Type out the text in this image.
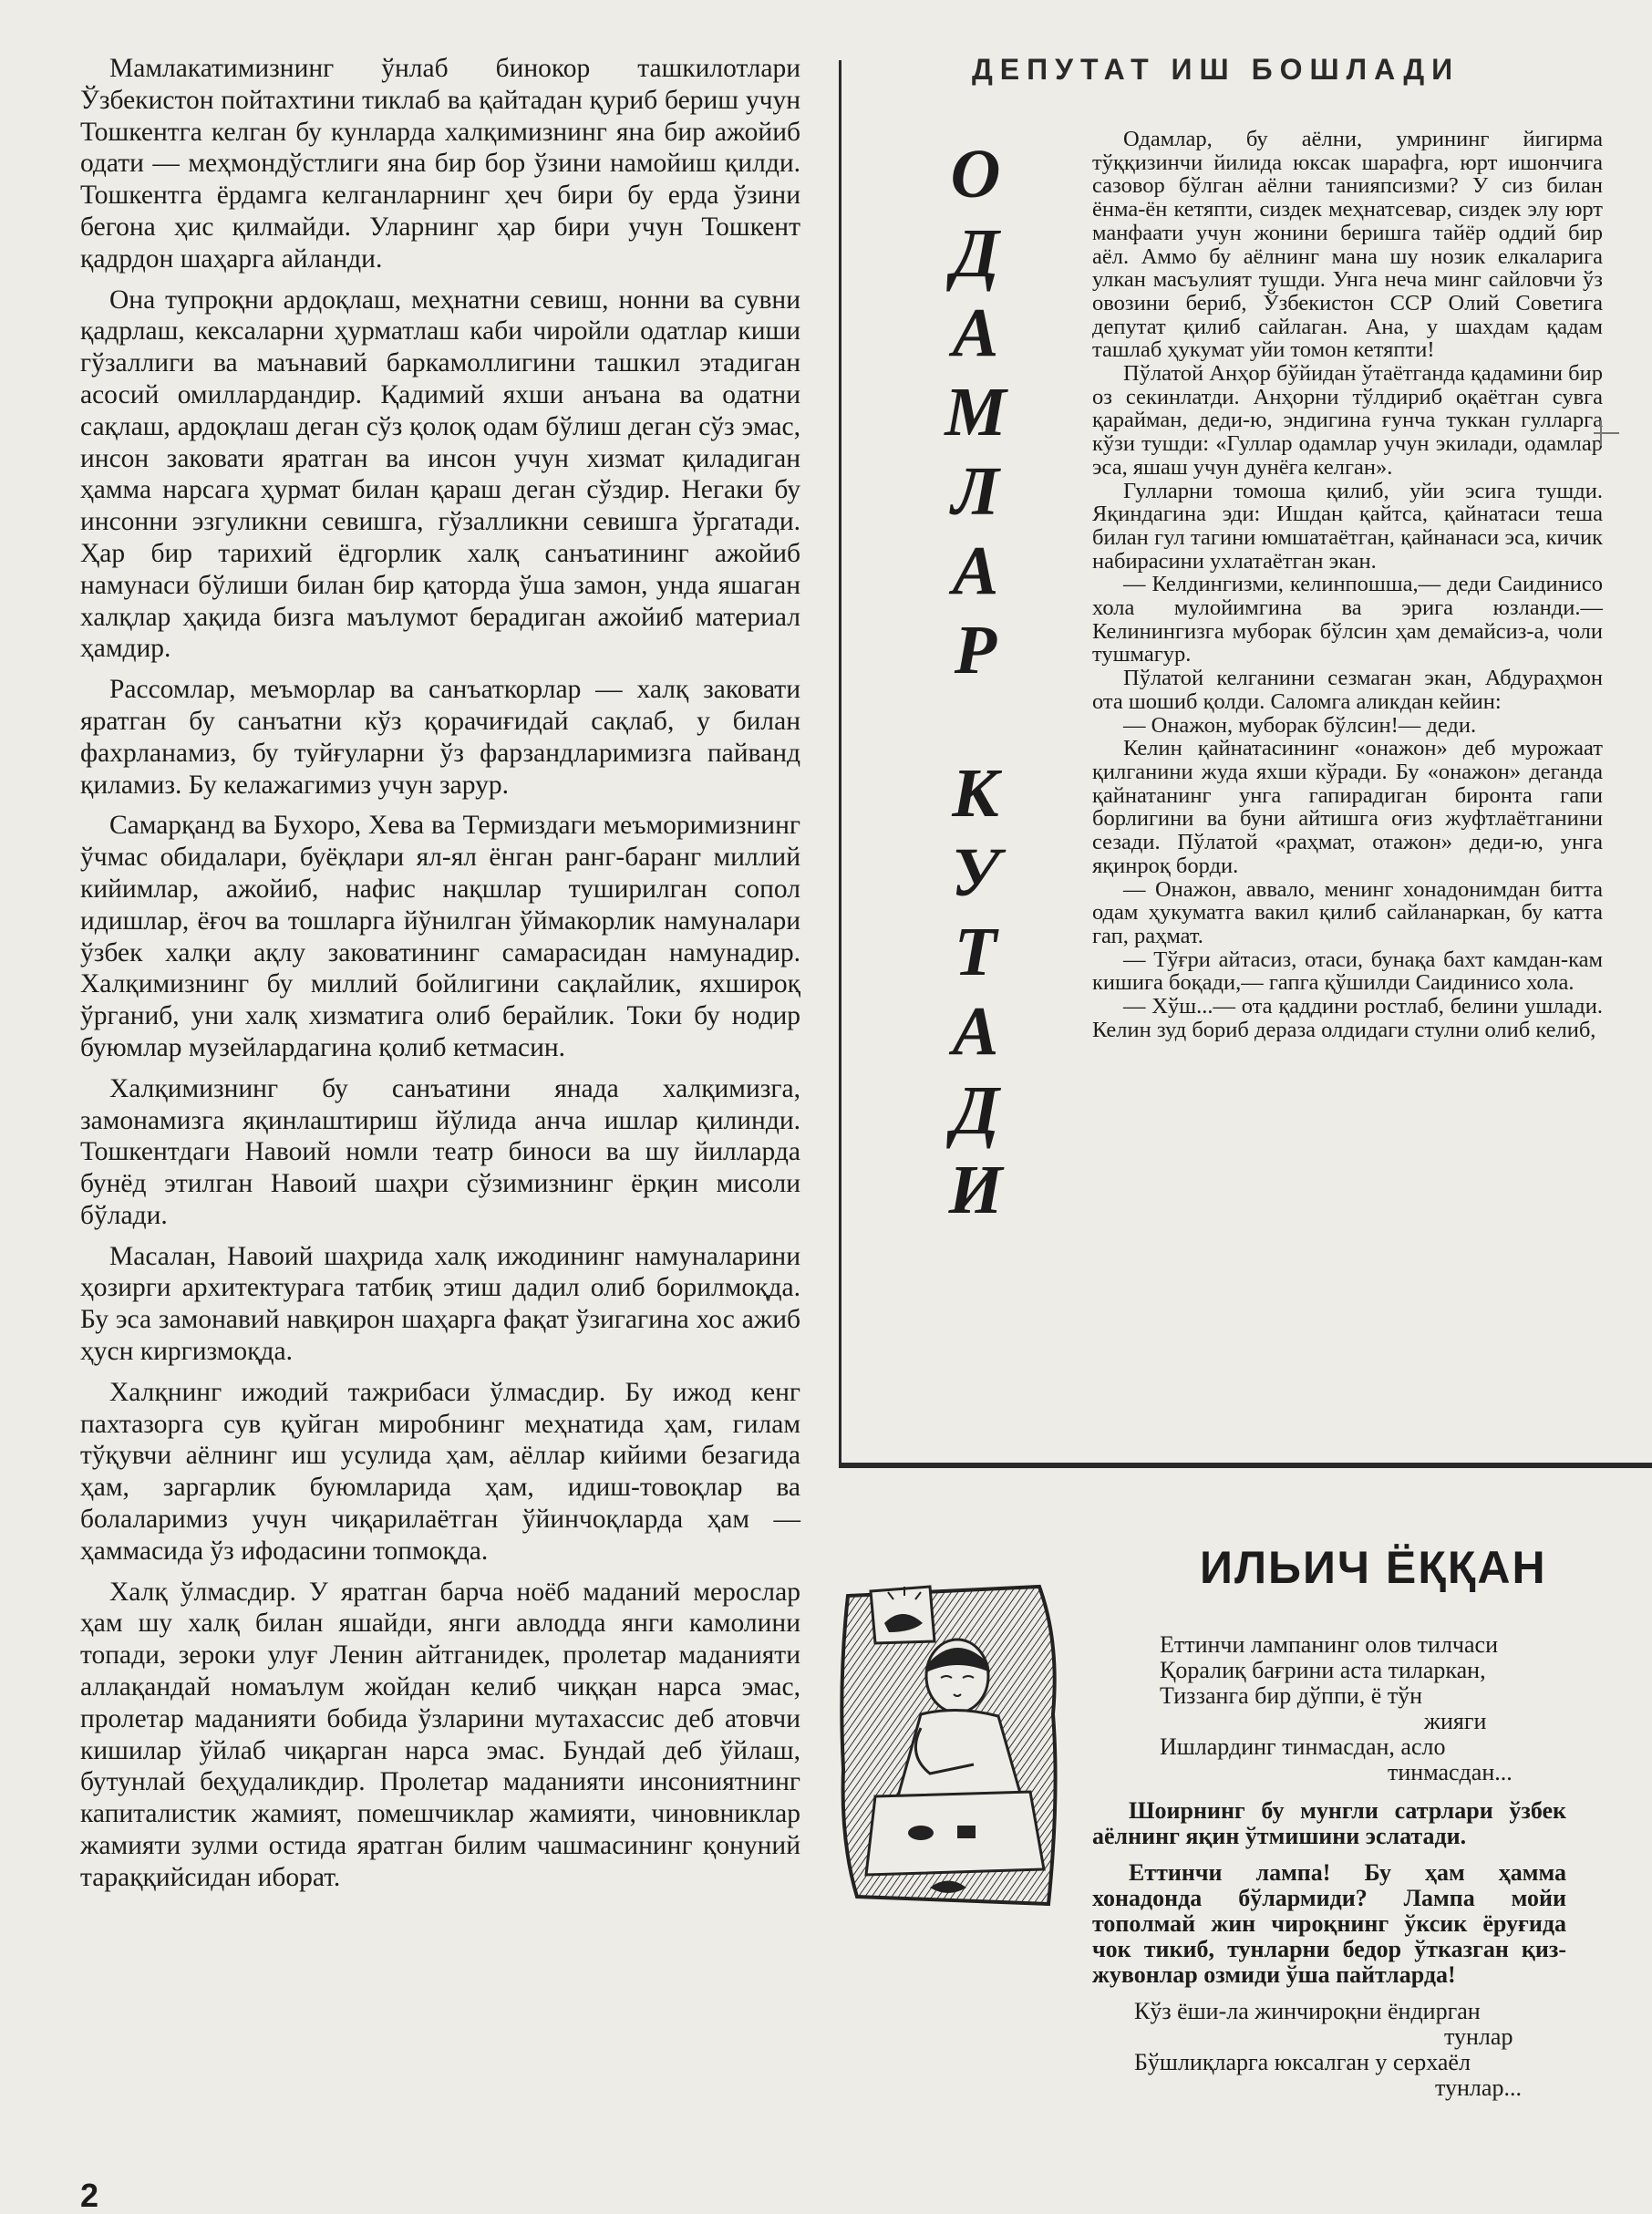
Мамлакатимизнинг ўнлаб бинокор ташкилотлари Ўзбекистон пойтахтини тиклаб ва қайтадан қуриб бериш учун Тошкентга келган бу кунларда халқимизнинг яна бир ажойиб одати — меҳмондўстлиги яна бир бор ўзини намойиш қилди. Тошкентга ёрдамга келганларнинг ҳеч бири бу ерда ўзини бегона ҳис қилмайди. Уларнинг ҳар бири учун Тошкент қадрдон шаҳарга айланди.

Она тупроқни ардоқлаш, меҳнатни севиш, нонни ва сувни қадрлаш, кексаларни ҳурматлаш каби чиройли одатлар киши гўзаллиги ва маънавий баркамоллигини ташкил этадиган асосий омиллардандир. Қадимий яхши анъана ва одатни сақлаш, ардоқлаш деган сўз қолоқ одам бўлиш деган сўз эмас, инсон заковати яратган ва инсон учун хизмат қиладиган ҳамма нарсага ҳурмат билан қараш деган сўздир. Негаки бу инсонни эзгуликни севишга, гўзалликни севишга ўргатади. Ҳар бир тарихий ёдгорлик халқ санъатининг ажойиб намунаси бўлиши билан бир қаторда ўша замон, унда яшаган халқлар ҳақида бизга маълумот берадиган ажойиб материал ҳамдир.

Рассомлар, меъморлар ва санъаткорлар — халқ заковати яратган бу санъатни кўз қорачиғидай сақлаб, у билан фахрланамиз, бу туйғуларни ўз фарзандларимизга пайванд қиламиз. Бу келажагимиз учун зарур.

Самарқанд ва Бухоро, Хева ва Термиздаги меъморимизнинг ўчмас обидалари, буёқлари ял-ял ёнган ранг-баранг миллий кийимлар, ажойиб, нафис нақшлар туширилган сопол идишлар, ёғоч ва тошларга йўнилган ўймакорлик намуналари ўзбек халқи ақлу заковатининг самарасидан намунадир. Халқимизнинг бу миллий бойлигини сақлайлик, яхшироқ ўрганиб, уни халқ хизматига олиб берайлик. Токи бу нодир буюмлар музейлардагина қолиб кетмасин.

Халқимизнинг бу санъатини янада халқимизга, замонамизга яқинлаштириш йўлида анча ишлар қилинди. Тошкентдаги Навоий номли театр биноси ва шу йилларда бунёд этилган Навоий шаҳри сўзимизнинг ёрқин мисоли бўлади.

Масалан, Навоий шаҳрида халқ ижодининг намуналарини ҳозирги архитектурага татбиқ этиш дадил олиб борилмоқда. Бу эса замонавий навқирон шаҳарга фақат ўзигагина хос ажиб ҳусн киргизмоқда.

Халқнинг ижодий тажрибаси ўлмасдир. Бу ижод кенг пахтазорга сув қуйган миробнинг меҳнатида ҳам, гилам тўқувчи аёлнинг иш усулида ҳам, аёллар кийими безагида ҳам, заргарлик буюмларида ҳам, идиш-товоқлар ва болаларимиз учун чиқарилаётган ўйинчоқларда ҳам — ҳаммасида ўз ифодасини топмоқда.

Халқ ўлмасдир. У яратган барча ноёб маданий мерослар ҳам шу халқ билан яшайди, янги авлодда янги камолини топади, зероки улуғ Ленин айтганидек, пролетар маданияти аллақандай номаълум жойдан келиб чиққан нарса эмас, пролетар маданияти бобида ўзларини мутахассис деб атовчи кишилар ўйлаб чиқарган нарса эмас. Бундай деб ўйлаш, бутунлай беҳудаликдир. Пролетар маданияти инсониятнинг капиталистик жамият, помешчиклар жамияти, чиновниклар жамияти зулми остида яратган билим чашмасининг қонуний тараққийсидан иборат.

ДЕПУТАТ ИШ БОШЛАДИ
О
Д
А
М
Л
А
Р
К
У
Т
А
Д
И

Одамлар, бу аёлни, умрининг йигирма тўққизинчи йилида юксак шарафга, юрт ишончига сазовор бўлган аёлни танияпсизми? У сиз билан ёнма-ён кетяпти, сиздек меҳнатсевар, сиздек элу юрт манфаати учун жонини беришга тайёр оддий бир аёл. Аммо бу аёлнинг мана шу нозик елкаларига улкан масъулият тушди. Унга неча минг сайловчи ўз овозини бериб, Ўзбекистон ССР Олий Советига депутат қилиб сайлаган. Ана, у шахдам қадам ташлаб ҳукумат уйи томон кетяпти!

Пўлатой Анҳор бўйидан ўтаётганда қадамини бир оз секинлатди. Анҳорни тўлдириб оқаётган сувга қарайман, деди-ю, эндигина ғунча туккан гулларга кўзи тушди: «Гуллар одамлар учун экилади, одамлар эса, яшаш учун дунёга келган».

Гулларни томоша қилиб, уйи эсига тушди. Яқиндагина эди: Ишдан қайтса, қайнатаси теша билан гул тагини юмшатаётган, қайнанаси эса, кичик набирасини ухлатаётган экан.

— Келдингизми, келинпошша,— деди Саидинисо хола мулойимгина ва эрига юзланди.— Келинингизга муборак бўлсин ҳам демайсиз-а, чоли тушмагур.

Пўлатой келганини сезмаган экан, Абдураҳмон ота шошиб қолди. Саломга аликдан кейин:

— Онажон, муборак бўлсин!— деди.

Келин қайнатасининг «онажон» деб мурожаат қилганини жуда яхши кўради. Бу «онажон» деганда қайнатанинг унга гапирадиган биронта гапи борлигини ва буни айтишга оғиз жуфтлаётганини сезади. Пўлатой «раҳмат, отажон» деди-ю, унга яқинроқ борди.

— Онажон, аввало, менинг хонадонимдан битта одам ҳукуматга вакил қилиб сайланаркан, бу катта гап, раҳмат.

— Тўғри айтасиз, отаси, бунақа бахт камдан-кам кишига боқади,— гапга қўшилди Саидинисо хола.

— Хўш...— ота қаддини ростлаб, белини ушлади. Келин зуд бориб дераза олдидаги стулни олиб келиб,

ИЛЬИЧ ЁҚҚАН
Еттинчи лампанинг олов тилчаси
Қоралиқ бағрини аста тиларкан,
Тиззанга бир дўппи, ё тўн
жияги
Ишлардинг тинмасдан, асло
тинмасдан...

Шоирнинг бу мунгли сатрлари ўзбек аёлнинг яқин ўтмишини эслатади.

Еттинчи лампа! Бу ҳам ҳамма хонадонда бўлармиди? Лампа мойи тополмай жин чироқнинг ўксик ёруғида чок тикиб, тунларни бедор ўтказган қиз-жувонлар озмиди ўша пайтларда!

Кўз ёши-ла жинчироқни ёндирган
тунлар
Бўшлиқларга юксалган у серхаёл
тунлар...
2
